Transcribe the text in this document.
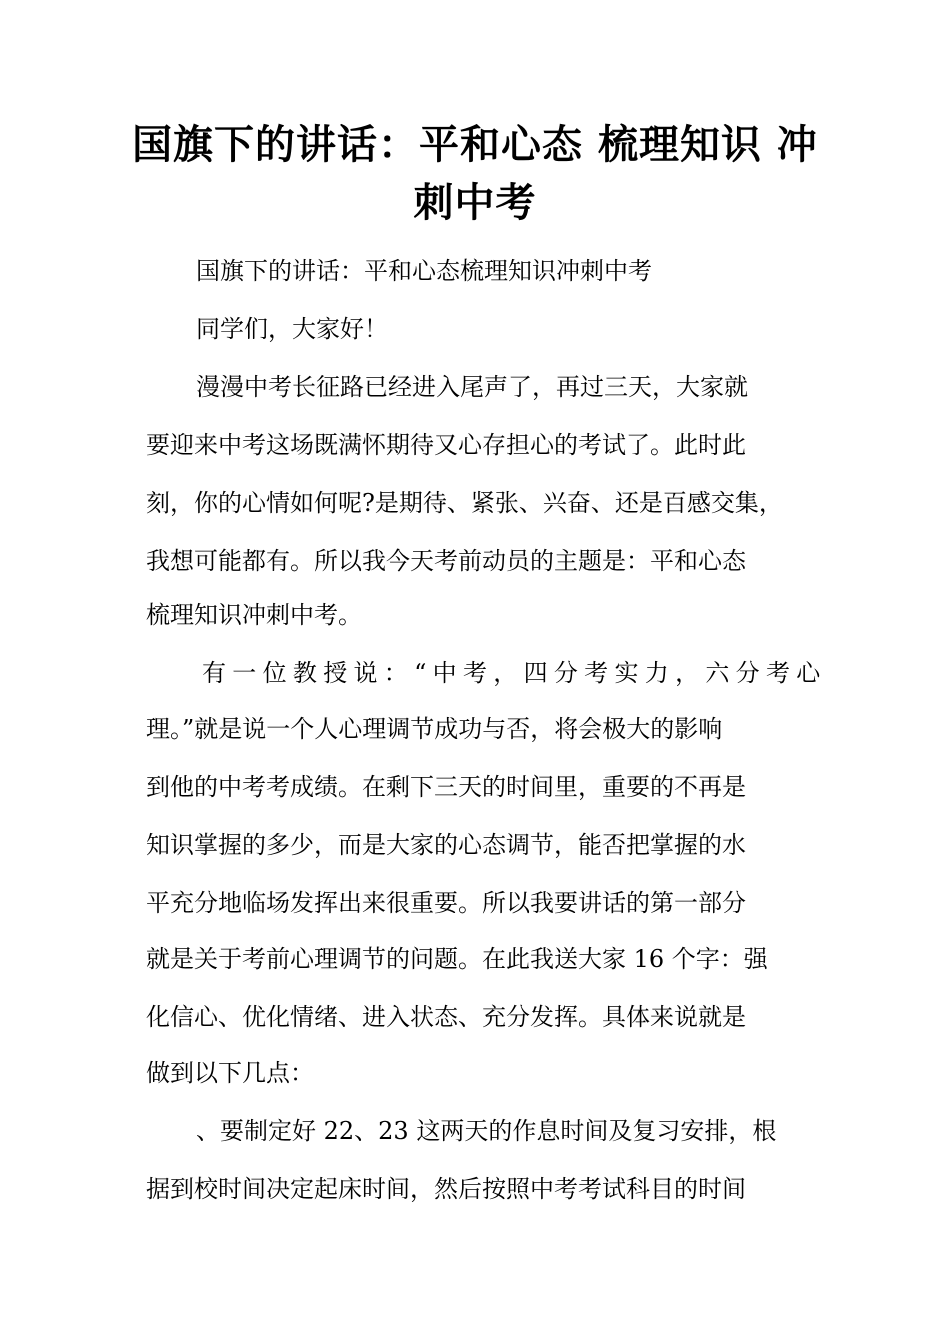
国旗下的讲话：平和心态 梳理知识 冲
刺中考

国旗下的讲话：平和心态梳理知识冲刺中考

同学们，大家好！

漫漫中考长征路已经进入尾声了，再过三天，大家就

要迎来中考这场既满怀期待又心存担心的考试了。此时此

刻，你的心情如何呢?是期待、紧张、兴奋、还是百感交集，

我想可能都有。所以我今天考前动员的主题是：平和心态

梳理知识冲刺中考。

有一位教授说：“中考，四分考实力，六分考心

理。”就是说一个人心理调节成功与否，将会极大的影响

到他的中考考成绩。在剩下三天的时间里，重要的不再是

知识掌握的多少，而是大家的心态调节，能否把掌握的水

平充分地临场发挥出来很重要。所以我要讲话的第一部分

就是关于考前心理调节的问题。在此我送大家 16 个字：强

化信心、优化情绪、进入状态、充分发挥。具体来说就是

做到以下几点：

、要制定好 22、23 这两天的作息时间及复习安排，根

据到校时间决定起床时间，然后按照中考考试科目的时间
